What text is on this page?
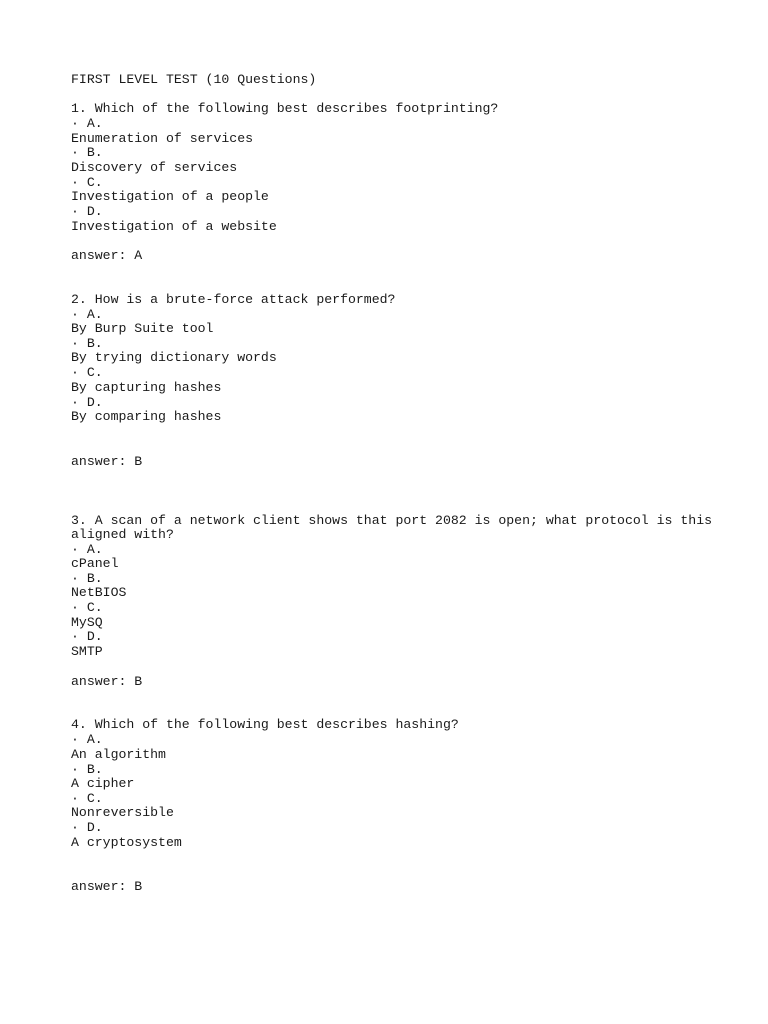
FIRST LEVEL TEST (10 Questions)
1. Which of the following best describes footprinting?
· A.
Enumeration of services
· B.
Discovery of services
· C.
Investigation of a people
· D.
Investigation of a website
answer: A
2. How is a brute-force attack performed?
· A.
By Burp Suite tool
· B.
By trying dictionary words
· C.
By capturing hashes
· D.
By comparing hashes
answer: B
3. A scan of a network client shows that port 2082 is open; what protocol is this
aligned with?
· A.
cPanel
· B.
NetBIOS
· C.
MySQ
· D.
SMTP
answer: B
4. Which of the following best describes hashing?
· A.
An algorithm
· B.
A cipher
· C.
Nonreversible
· D.
A cryptosystem
answer: B
